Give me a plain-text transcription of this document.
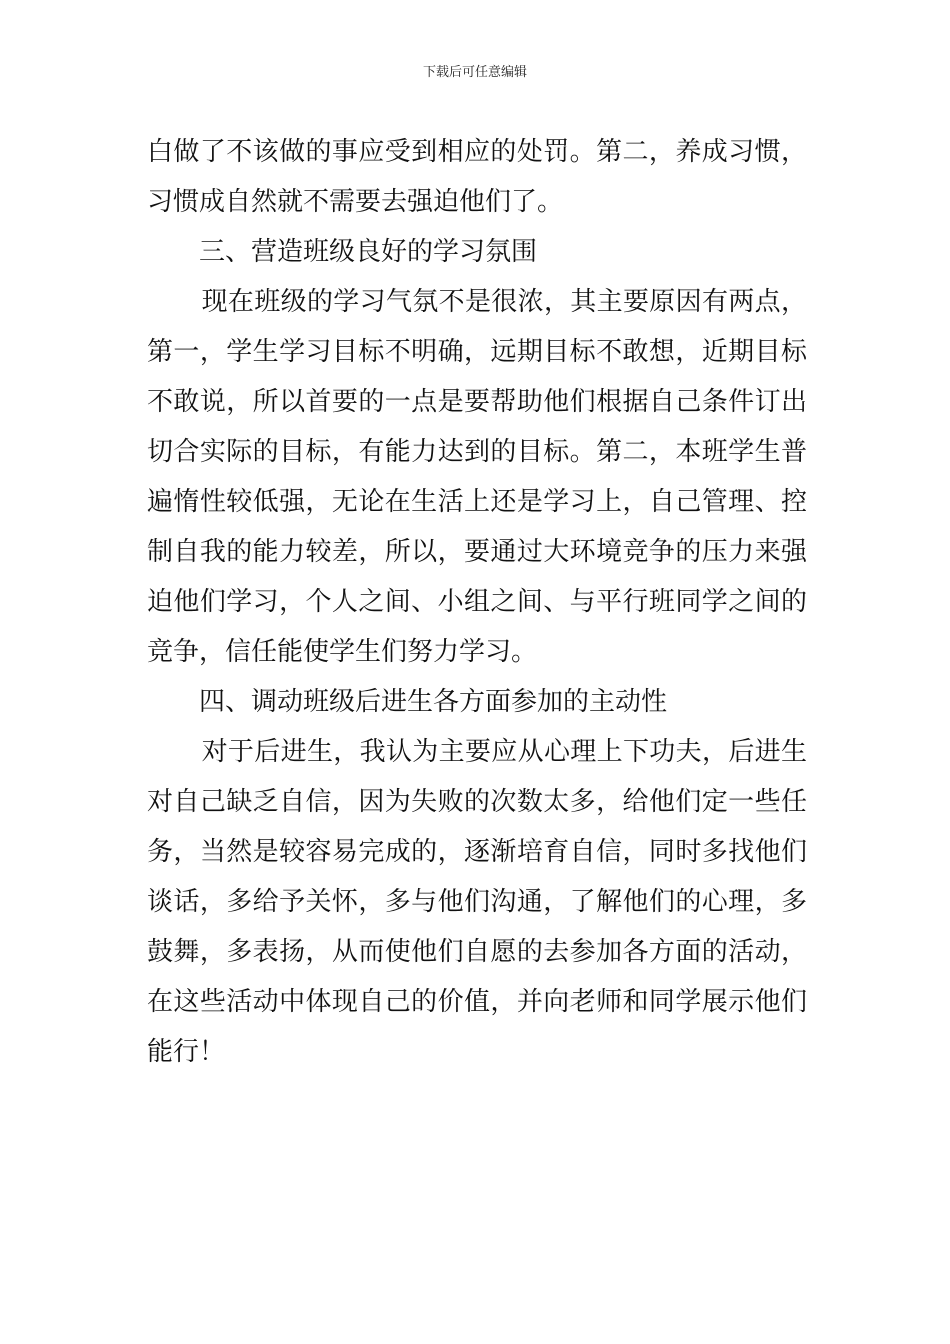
下载后可任意编辑

白做了不该做的事应受到相应的处罚。第二，养成习惯，习惯成自然就不需要去强迫他们了。

三、营造班级良好的学习氛围

现在班级的学习气氛不是很浓，其主要原因有两点，第一，学生学习目标不明确，远期目标不敢想，近期目标不敢说，所以首要的一点是要帮助他们根据自己条件订出切合实际的目标，有能力达到的目标。第二，本班学生普遍惰性较低强，无论在生活上还是学习上，自己管理、控制自我的能力较差，所以，要通过大环境竞争的压力来强迫他们学习，个人之间、小组之间、与平行班同学之间的竞争，信任能使学生们努力学习。

四、调动班级后进生各方面参加的主动性

对于后进生，我认为主要应从心理上下功夫，后进生对自己缺乏自信，因为失败的次数太多，给他们定一些任务，当然是较容易完成的，逐渐培育自信，同时多找他们谈话，多给予关怀，多与他们沟通，了解他们的心理，多鼓舞，多表扬，从而使他们自愿的去参加各方面的活动，在这些活动中体现自己的价值，并向老师和同学展示他们能行！
